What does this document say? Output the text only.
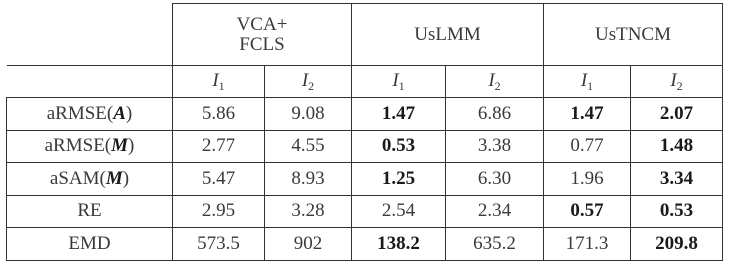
	VCA+
FCLS		UsLMM		UsTNCM	
	$I_1$	$I_2$	$I_1$	$I_2$	$I_1$	$I_2$
aRMSE(A)	5.86	9.08	1.47	6.86	1.47	2.07
aRMSE(M)	2.77	4.55	0.53	3.38	0.77	1.48
aSAM(M)	5.47	8.93	1.25	6.30	1.96	3.34
RE	2.95	3.28	2.54	2.34	0.57	0.53
EMD	573.5	902	138.2	635.2	171.3	209.8
